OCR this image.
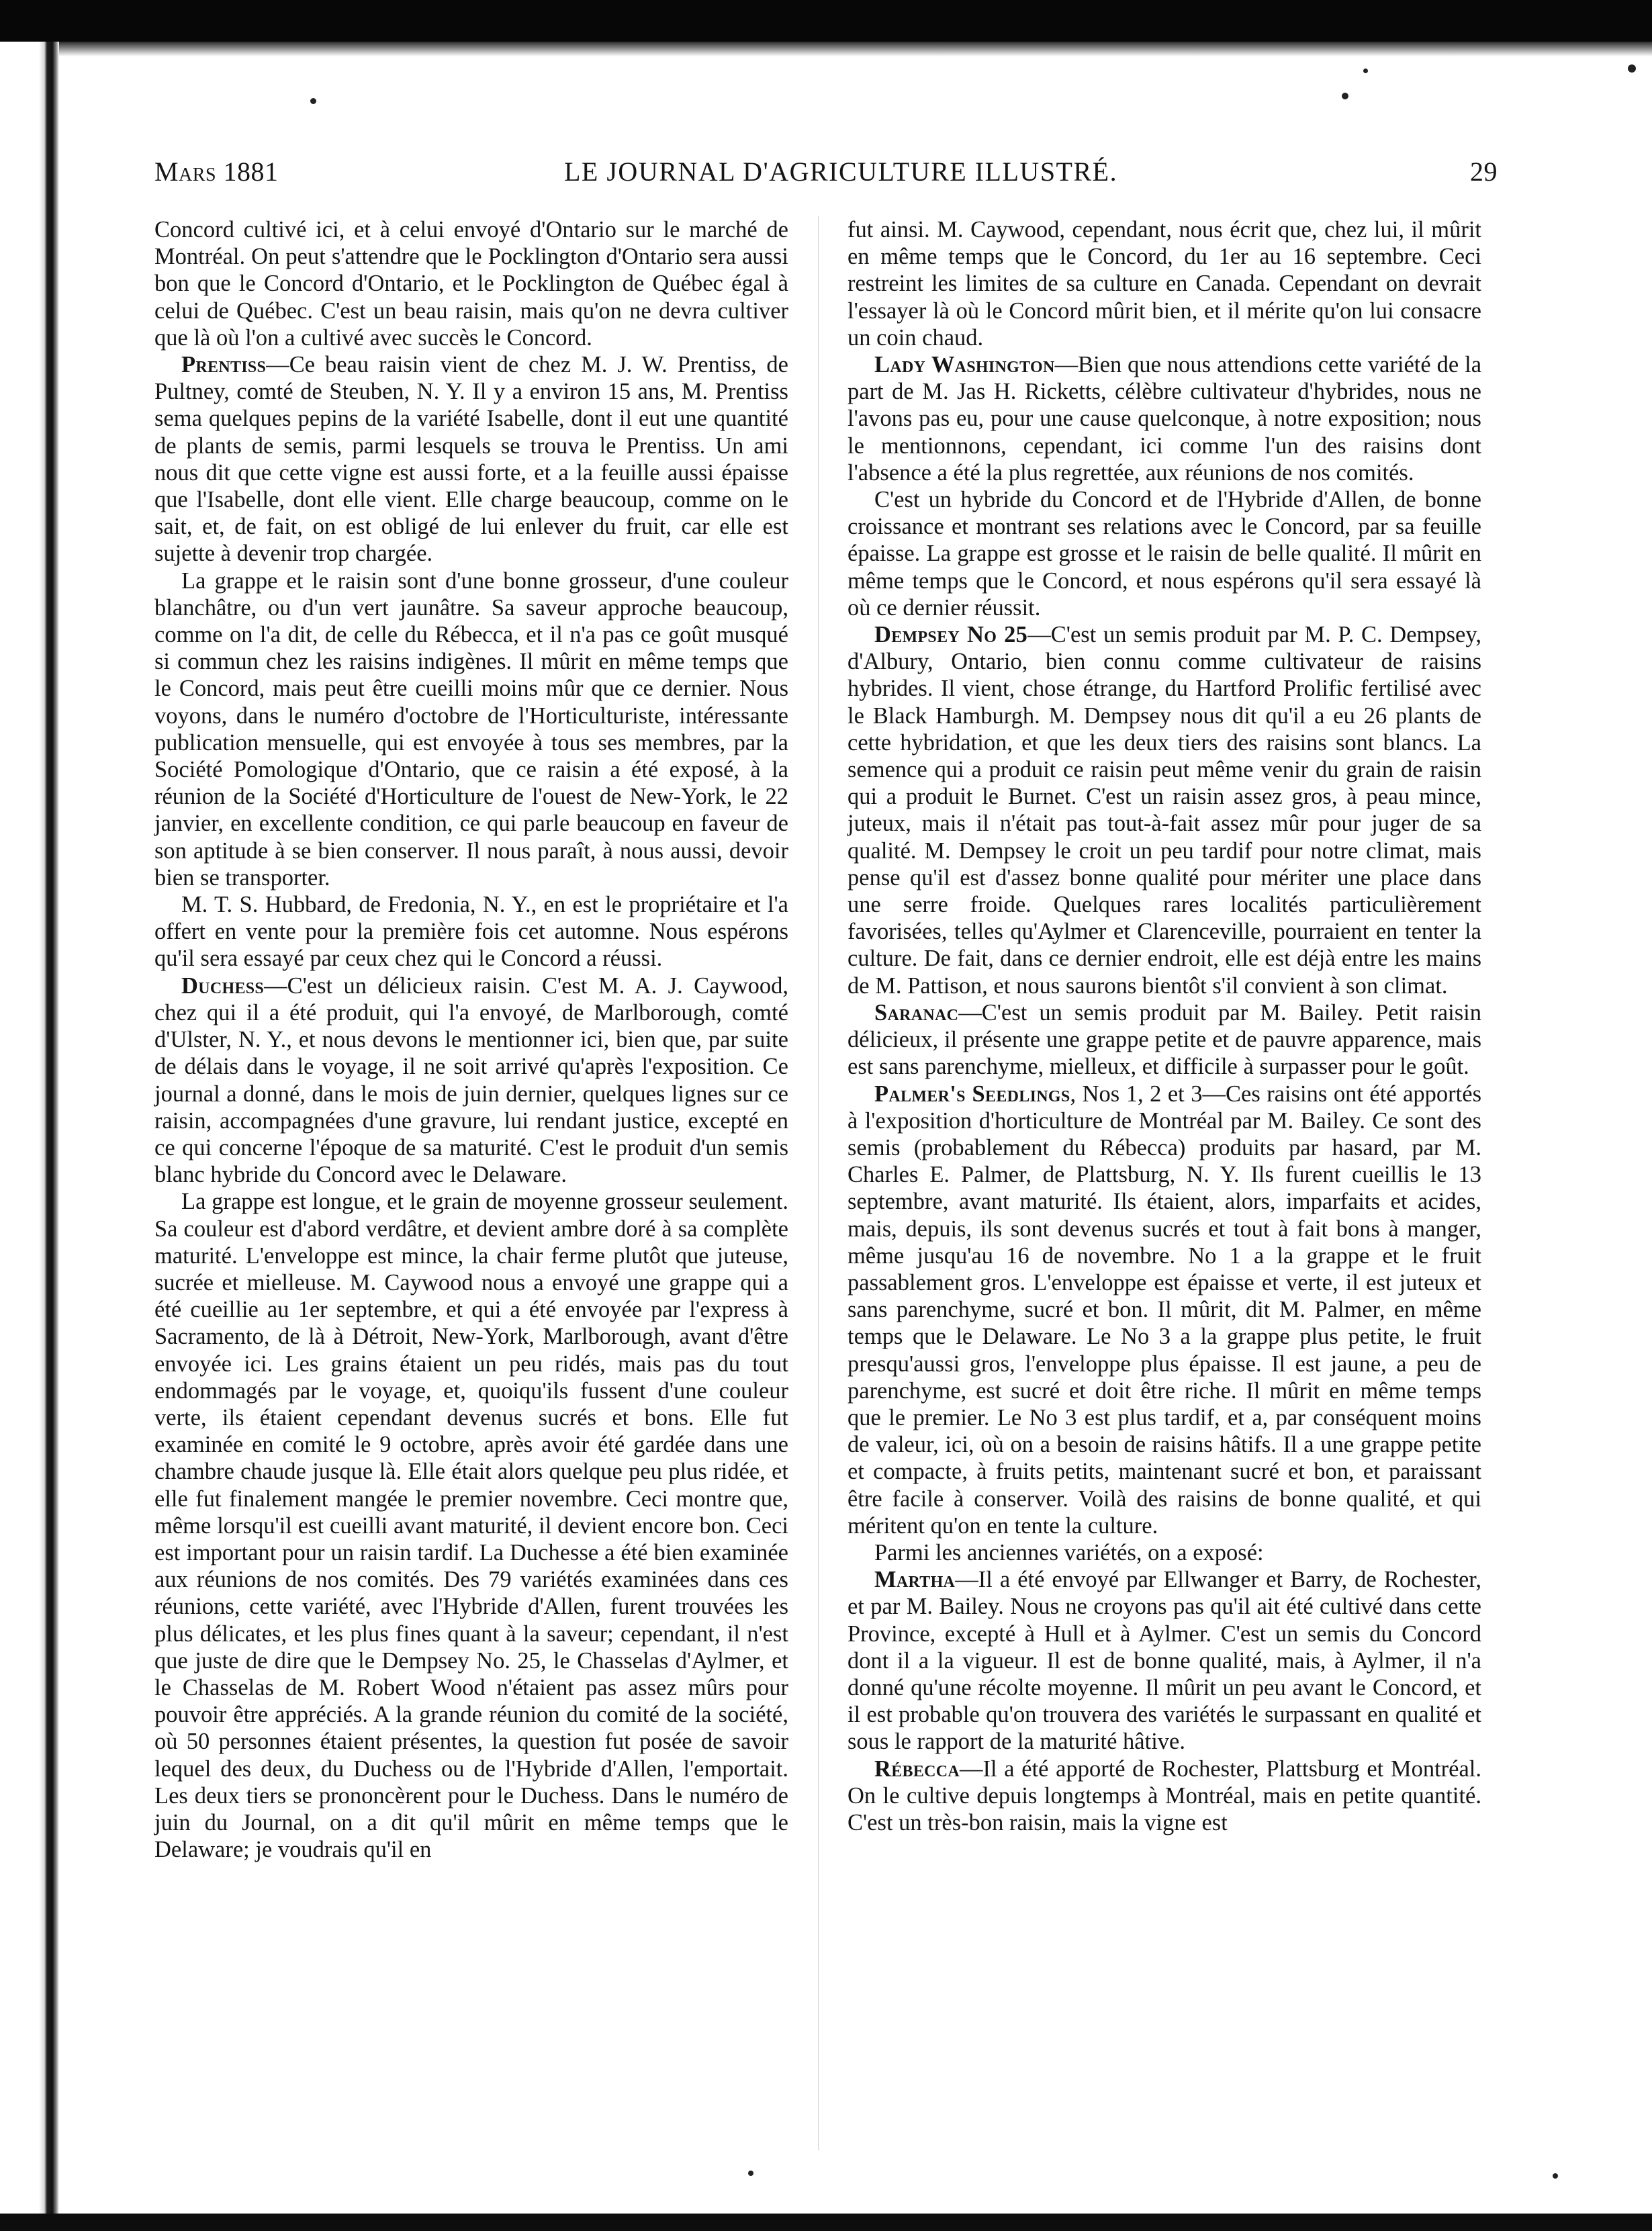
Mars 1881	LE JOURNAL D'AGRICULTURE ILLUSTRÉ.	29

Concord cultivé ici, et à celui envoyé d'Ontario sur le marché de Montréal. On peut s'attendre que le Pocklington d'Ontario sera aussi bon que le Concord d'Ontario, et le Pocklington de Québec égal à celui de Québec. C'est un beau raisin, mais qu'on ne devra cultiver que là où l'on a cultivé avec succès le Concord.

Prentiss—Ce beau raisin vient de chez M. J. W. Prentiss, de Pultney, comté de Steuben, N. Y. Il y a environ 15 ans, M. Prentiss sema quelques pepins de la variété Isabelle, dont il eut une quantité de plants de semis, parmi lesquels se trouva le Prentiss. Un ami nous dit que cette vigne est aussi forte, et a la feuille aussi épaisse que l'Isabelle, dont elle vient. Elle charge beaucoup, comme on le sait, et, de fait, on est obligé de lui enlever du fruit, car elle est sujette à devenir trop chargée.

La grappe et le raisin sont d'une bonne grosseur, d'une couleur blanchâtre, ou d'un vert jaunâtre. Sa saveur approche beaucoup, comme on l'a dit, de celle du Rébecca, et il n'a pas ce goût musqué si commun chez les raisins indigènes. Il mûrit en même temps que le Concord, mais peut être cueilli moins mûr que ce dernier. Nous voyons, dans le numéro d'octobre de l'Horticulturiste, intéressante publication mensuelle, qui est envoyée à tous ses membres, par la Société Pomologique d'Ontario, que ce raisin a été exposé, à la réunion de la Société d'Horticulture de l'ouest de New-York, le 22 janvier, en excellente condition, ce qui parle beaucoup en faveur de son aptitude à se bien conserver. Il nous paraît, à nous aussi, devoir bien se transporter.

M. T. S. Hubbard, de Fredonia, N. Y., en est le propriétaire et l'a offert en vente pour la première fois cet automne. Nous espérons qu'il sera essayé par ceux chez qui le Concord a réussi.

Duchess—C'est un délicieux raisin. C'est M. A. J. Caywood, chez qui il a été produit, qui l'a envoyé, de Marlborough, comté d'Ulster, N. Y., et nous devons le mentionner ici, bien que, par suite de délais dans le voyage, il ne soit arrivé qu'après l'exposition. Ce journal a donné, dans le mois de juin dernier, quelques lignes sur ce raisin, accompagnées d'une gravure, lui rendant justice, excepté en ce qui concerne l'époque de sa maturité. C'est le produit d'un semis blanc hybride du Concord avec le Delaware.

La grappe est longue, et le grain de moyenne grosseur seulement. Sa couleur est d'abord verdâtre, et devient ambre doré à sa complète maturité. L'enveloppe est mince, la chair ferme plutôt que juteuse, sucrée et mielleuse. M. Caywood nous a envoyé une grappe qui a été cueillie au 1er septembre, et qui a été envoyée par l'express à Sacramento, de là à Détroit, New-York, Marlborough, avant d'être envoyée ici. Les grains étaient un peu ridés, mais pas du tout endommagés par le voyage, et, quoiqu'ils fussent d'une couleur verte, ils étaient cependant devenus sucrés et bons. Elle fut examinée en comité le 9 octobre, après avoir été gardée dans une chambre chaude jusque là. Elle était alors quelque peu plus ridée, et elle fut finalement mangée le premier novembre. Ceci montre que, même lorsqu'il est cueilli avant maturité, il devient encore bon. Ceci est important pour un raisin tardif. La Duchesse a été bien examinée aux réunions de nos comités. Des 79 variétés examinées dans ces réunions, cette variété, avec l'Hybride d'Allen, furent trouvées les plus délicates, et les plus fines quant à la saveur; cependant, il n'est que juste de dire que le Dempsey No. 25, le Chasselas d'Aylmer, et le Chasselas de M. Robert Wood n'étaient pas assez mûrs pour pouvoir être appréciés. A la grande réunion du comité de la société, où 50 personnes étaient présentes, la question fut posée de savoir lequel des deux, du Duchess ou de l'Hybride d'Allen, l'emportait. Les deux tiers se prononcèrent pour le Duchess. Dans le numéro de juin du Journal, on a dit qu'il mûrit en même temps que le Delaware; je voudrais qu'il en

fut ainsi. M. Caywood, cependant, nous écrit que, chez lui, il mûrit en même temps que le Concord, du 1er au 16 septembre. Ceci restreint les limites de sa culture en Canada. Cependant on devrait l'essayer là où le Concord mûrit bien, et il mérite qu'on lui consacre un coin chaud.

Lady Washington—Bien que nous attendions cette variété de la part de M. Jas H. Ricketts, célèbre cultivateur d'hybrides, nous ne l'avons pas eu, pour une cause quelconque, à notre exposition; nous le mentionnons, cependant, ici comme l'un des raisins dont l'absence a été la plus regrettée, aux réunions de nos comités.

C'est un hybride du Concord et de l'Hybride d'Allen, de bonne croissance et montrant ses relations avec le Concord, par sa feuille épaisse. La grappe est grosse et le raisin de belle qualité. Il mûrit en même temps que le Concord, et nous espérons qu'il sera essayé là où ce dernier réussit.

Dempsey No 25—C'est un semis produit par M. P. C. Dempsey, d'Albury, Ontario, bien connu comme cultivateur de raisins hybrides. Il vient, chose étrange, du Hartford Prolific fertilisé avec le Black Hamburgh. M. Dempsey nous dit qu'il a eu 26 plants de cette hybridation, et que les deux tiers des raisins sont blancs. La semence qui a produit ce raisin peut même venir du grain de raisin qui a produit le Burnet. C'est un raisin assez gros, à peau mince, juteux, mais il n'était pas tout-à-fait assez mûr pour juger de sa qualité. M. Dempsey le croit un peu tardif pour notre climat, mais pense qu'il est d'assez bonne qualité pour mériter une place dans une serre froide. Quelques rares localités particulièrement favorisées, telles qu'Aylmer et Clarenceville, pourraient en tenter la culture. De fait, dans ce dernier endroit, elle est déjà entre les mains de M. Pattison, et nous saurons bientôt s'il convient à son climat.

Saranac—C'est un semis produit par M. Bailey. Petit raisin délicieux, il présente une grappe petite et de pauvre apparence, mais est sans parenchyme, mielleux, et difficile à surpasser pour le goût.

Palmer's Seedlings, Nos 1, 2 et 3—Ces raisins ont été apportés à l'exposition d'horticulture de Montréal par M. Bailey. Ce sont des semis (probablement du Rébecca) produits par hasard, par M. Charles E. Palmer, de Plattsburg, N. Y. Ils furent cueillis le 13 septembre, avant maturité. Ils étaient, alors, imparfaits et acides, mais, depuis, ils sont devenus sucrés et tout à fait bons à manger, même jusqu'au 16 de novembre. No 1 a la grappe et le fruit passablement gros. L'enveloppe est épaisse et verte, il est juteux et sans parenchyme, sucré et bon. Il mûrit, dit M. Palmer, en même temps que le Delaware. Le No 3 a la grappe plus petite, le fruit presqu'aussi gros, l'enveloppe plus épaisse. Il est jaune, a peu de parenchyme, est sucré et doit être riche. Il mûrit en même temps que le premier. Le No 3 est plus tardif, et a, par conséquent moins de valeur, ici, où on a besoin de raisins hâtifs. Il a une grappe petite et compacte, à fruits petits, maintenant sucré et bon, et paraissant être facile à conserver. Voilà des raisins de bonne qualité, et qui méritent qu'on en tente la culture.

Parmi les anciennes variétés, on a exposé:

Martha—Il a été envoyé par Ellwanger et Barry, de Rochester, et par M. Bailey. Nous ne croyons pas qu'il ait été cultivé dans cette Province, excepté à Hull et à Aylmer. C'est un semis du Concord dont il a la vigueur. Il est de bonne qualité, mais, à Aylmer, il n'a donné qu'une récolte moyenne. Il mûrit un peu avant le Concord, et il est probable qu'on trouvera des variétés le surpassant en qualité et sous le rapport de la maturité hâtive.

Rébecca—Il a été apporté de Rochester, Plattsburg et Montréal. On le cultive depuis longtemps à Montréal, mais en petite quantité. C'est un très-bon raisin, mais la vigne est
